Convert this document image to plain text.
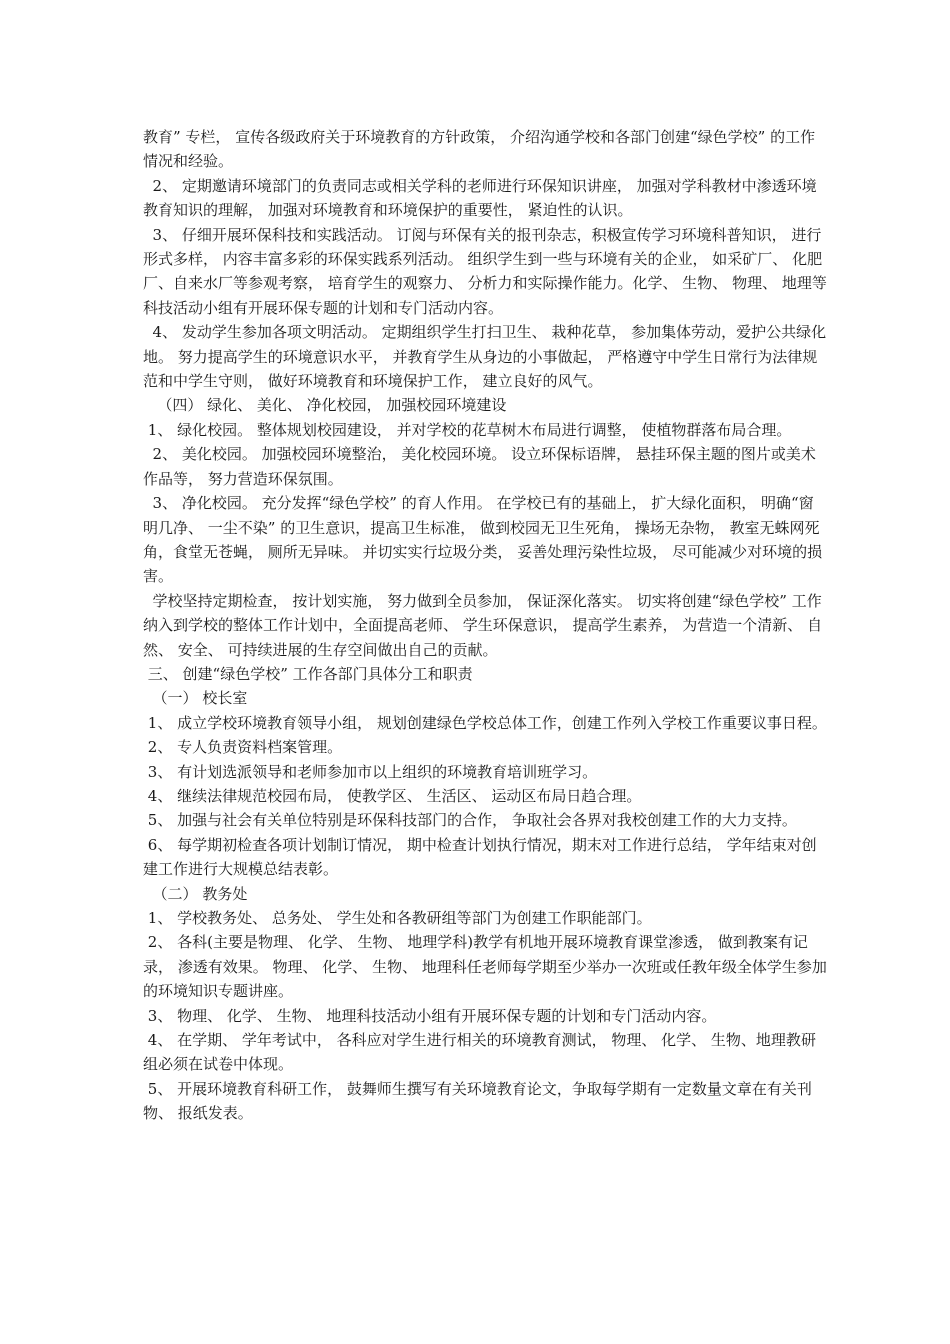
教育” 专栏， 宣传各级政府关于环境教育的方针政策， 介绍沟通学校和各部门创建“绿色学校” 的工作情况和经验。

2、 定期邀请环境部门的负责同志或相关学科的老师进行环保知识讲座， 加强对学科教材中渗透环境教育知识的理解， 加强对环境教育和环境保护的重要性， 紧迫性的认识。

3、 仔细开展环保科技和实践活动。 订阅与环保有关的报刊杂志，积极宣传学习环境科普知识， 进行形式多样， 内容丰富多彩的环保实践系列活动。 组织学生到一些与环境有关的企业， 如采矿厂、 化肥厂、自来水厂等参观考察， 培育学生的观察力、 分析力和实际操作能力。化学、 生物、 物理、 地理等科技活动小组有开展环保专题的计划和专门活动内容。

4、 发动学生参加各项文明活动。 定期组织学生打扫卫生、 栽种花草， 参加集体劳动，爱护公共绿化地。 努力提高学生的环境意识水平， 并教育学生从身边的小事做起， 严格遵守中学生日常行为法律规范和中学生守则， 做好环境教育和环境保护工作， 建立良好的风气。

（四） 绿化、 美化、 净化校园， 加强校园环境建设

1、 绿化校园。 整体规划校园建设， 并对学校的花草树木布局进行调整， 使植物群落布局合理。

2、 美化校园。 加强校园环境整治， 美化校园环境。 设立环保标语牌， 悬挂环保主题的图片或美术作品等， 努力营造环保氛围。

3、 净化校园。 充分发挥“绿色学校” 的育人作用。 在学校已有的基础上， 扩大绿化面积， 明确“窗明几净、 一尘不染” 的卫生意识，提高卫生标准， 做到校园无卫生死角， 操场无杂物， 教室无蛛网死角，食堂无苍蝇， 厕所无异味。 并切实实行垃圾分类， 妥善处理污染性垃圾， 尽可能减少对环境的损害。

学校坚持定期检查， 按计划实施， 努力做到全员参加， 保证深化落实。 切实将创建“绿色学校” 工作纳入到学校的整体工作计划中，全面提高老师、 学生环保意识， 提高学生素养， 为营造一个清新、 自然、 安全、 可持续进展的生存空间做出自己的贡献。

三、 创建“绿色学校” 工作各部门具体分工和职责

（一） 校长室

1、 成立学校环境教育领导小组， 规划创建绿色学校总体工作，创建工作列入学校工作重要议事日程。

2、 专人负责资料档案管理。

3、 有计划选派领导和老师参加市以上组织的环境教育培训班学习。

4、 继续法律规范校园布局， 使教学区、 生活区、 运动区布局日趋合理。

5、 加强与社会有关单位特别是环保科技部门的合作， 争取社会各界对我校创建工作的大力支持。

6、 每学期初检查各项计划制订情况， 期中检查计划执行情况，期末对工作进行总结， 学年结束对创建工作进行大规模总结表彰。

（二） 教务处

1、 学校教务处、 总务处、 学生处和各教研组等部门为创建工作职能部门。

2、 各科(主要是物理、 化学、 生物、 地理学科)教学有机地开展环境教育课堂渗透， 做到教案有记录， 渗透有效果。 物理、 化学、 生物、 地理科任老师每学期至少举办一次班或任教年级全体学生参加的环境知识专题讲座。

3、 物理、 化学、 生物、 地理科技活动小组有开展环保专题的计划和专门活动内容。

4、 在学期、 学年考试中， 各科应对学生进行相关的环境教育测试， 物理、 化学、 生物、地理教研组必须在试卷中体现。

5、 开展环境教育科研工作， 鼓舞师生撰写有关环境教育论文，争取每学期有一定数量文章在有关刊物、 报纸发表。
